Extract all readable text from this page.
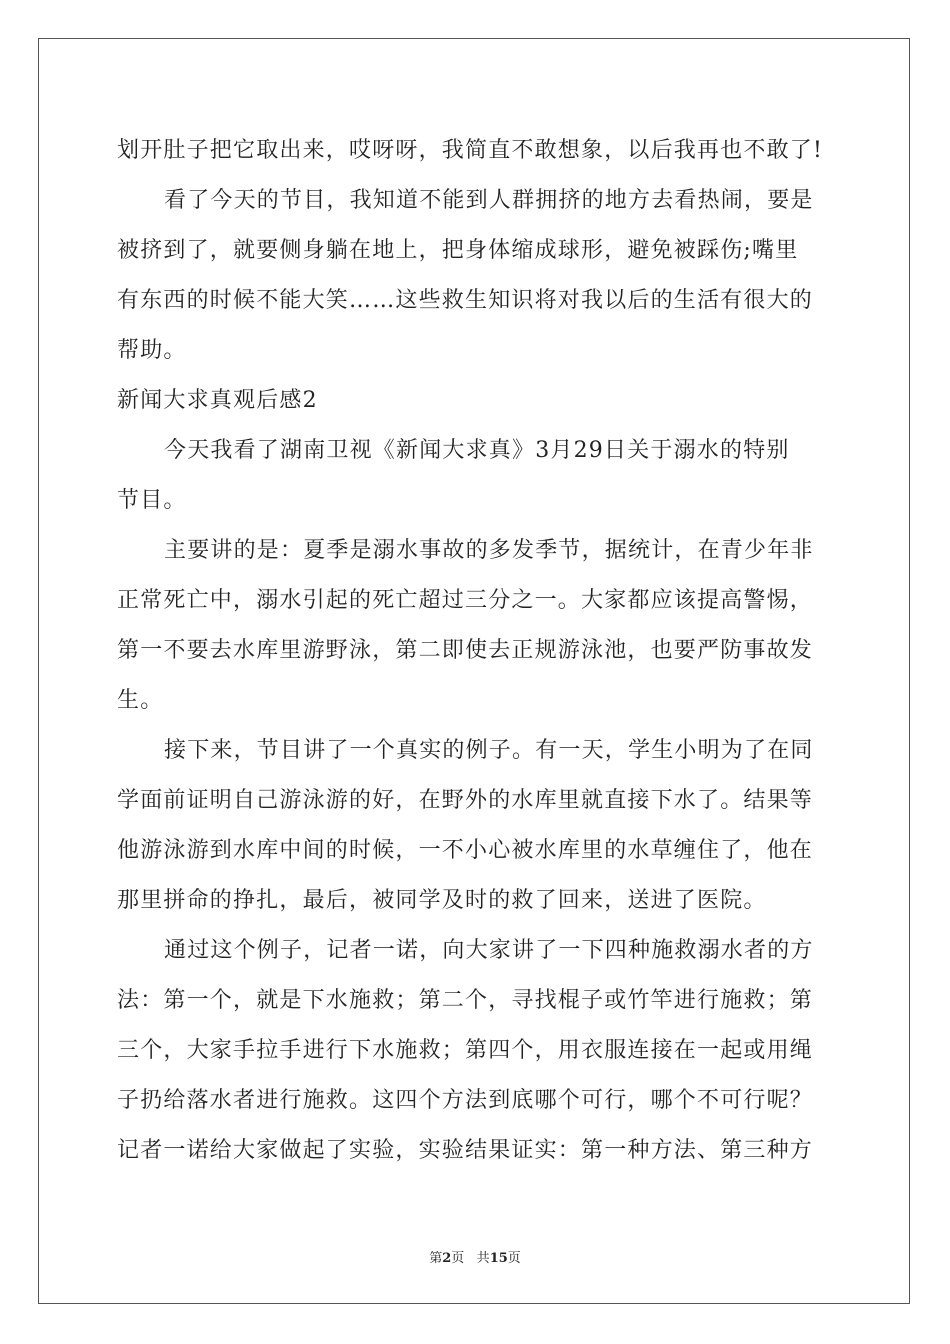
划开肚子把它取出来，哎呀呀，我简直不敢想象，以后我再也不敢了!
看了今天的节目，我知道不能到人群拥挤的地方去看热闹，要是
被挤到了，就要侧身躺在地上，把身体缩成球形，避免被踩伤;嘴里
有东西的时候不能大笑……这些救生知识将对我以后的生活有很大的
帮助。
新闻大求真观后感2
今天我看了湖南卫视《新闻大求真》3月29日关于溺水的特别
节目。
主要讲的是：夏季是溺水事故的多发季节，据统计，在青少年非
正常死亡中，溺水引起的死亡超过三分之一。大家都应该提高警惕，
第一不要去水库里游野泳，第二即使去正规游泳池，也要严防事故发
生。
接下来，节目讲了一个真实的例子。有一天，学生小明为了在同
学面前证明自己游泳游的好，在野外的水库里就直接下水了。结果等
他游泳游到水库中间的时候，一不小心被水库里的水草缠住了，他在
那里拼命的挣扎，最后，被同学及时的救了回来，送进了医院。
通过这个例子，记者一诺，向大家讲了一下四种施救溺水者的方
法：第一个，就是下水施救；第二个，寻找棍子或竹竿进行施救；第
三个，大家手拉手进行下水施救；第四个，用衣服连接在一起或用绳
子扔给落水者进行施救。这四个方法到底哪个可行，哪个不可行呢？
记者一诺给大家做起了实验，实验结果证实：第一种方法、第三种方
第2页 共15页
